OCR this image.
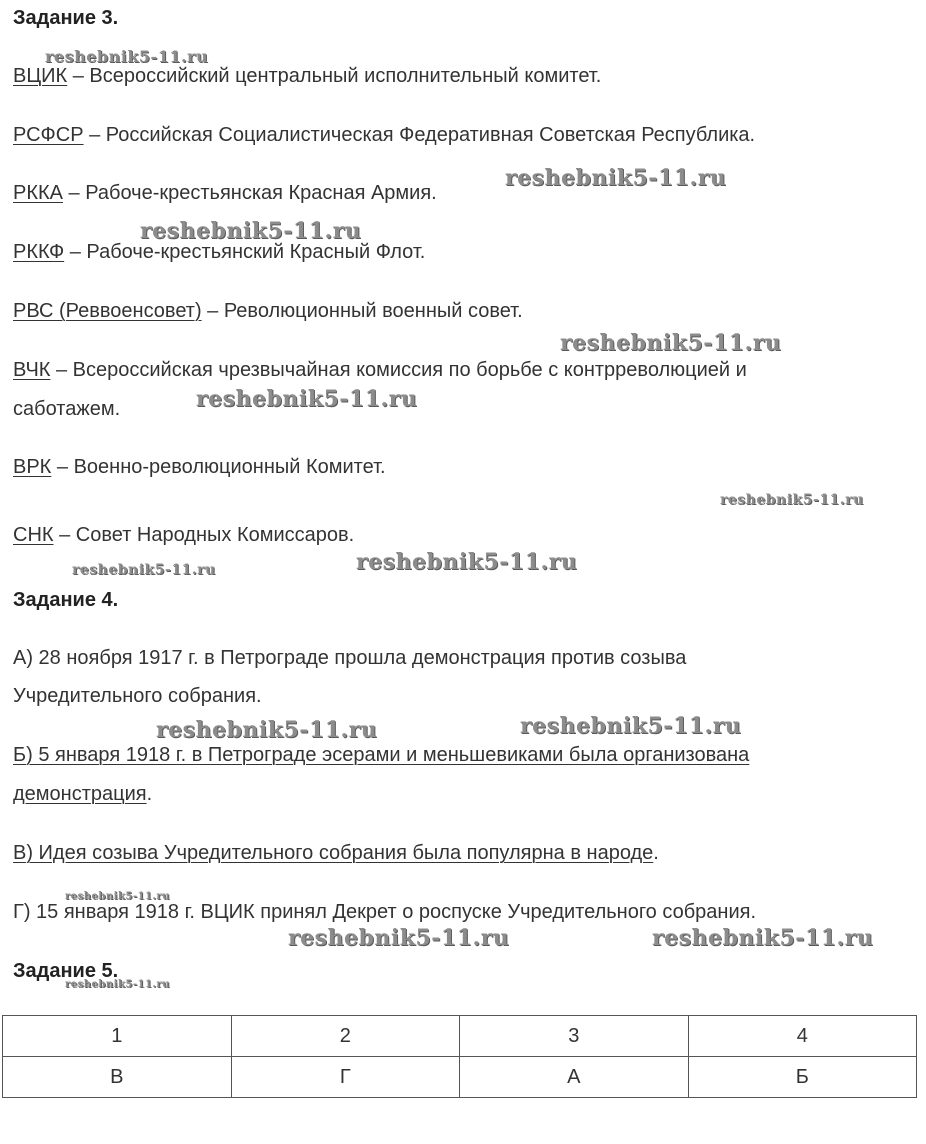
Задание 3.
ВЦИК – Всероссийский центральный исполнительный комитет.
РСФСР – Российская Социалистическая Федеративная Советская Республика.
РККА – Рабоче-крестьянская Красная Армия.
РККФ – Рабоче-крестьянский Красный Флот.
РВС (Реввоенсовет) – Революционный военный совет.
ВЧК – Всероссийская чрезвычайная комиссия по борьбе с контрреволюцией и
саботажем.
ВРК – Военно-революционный Комитет.
СНК – Совет Народных Комиссаров.
Задание 4.
А) 28 ноября 1917 г. в Петрограде прошла демонстрация против созыва
Учредительного собрания.
Б) 5 января 1918 г. в Петрограде эсерами и меньшевиками была организована
демонстрация.
В) Идея созыва Учредительного собрания была популярна в народе.
Г) 15 января 1918 г. ВЦИК принял Декрет о роспуске Учредительного собрания.
Задание 5.
1	2	3	4
В	Г	А	Б
reshebnik5-11.ru
reshebnik5-11.ru
reshebnik5-11.ru
reshebnik5-11.ru
reshebnik5-11.ru
reshebnik5-11.ru
reshebnik5-11.ru
reshebnik5-11.ru
reshebnik5-11.ru	reshebnik5-11.ru
reshebnik5-11.ru
reshebnik5-11.ru	reshebnik5-11.ru
reshebnik5-11.ru
